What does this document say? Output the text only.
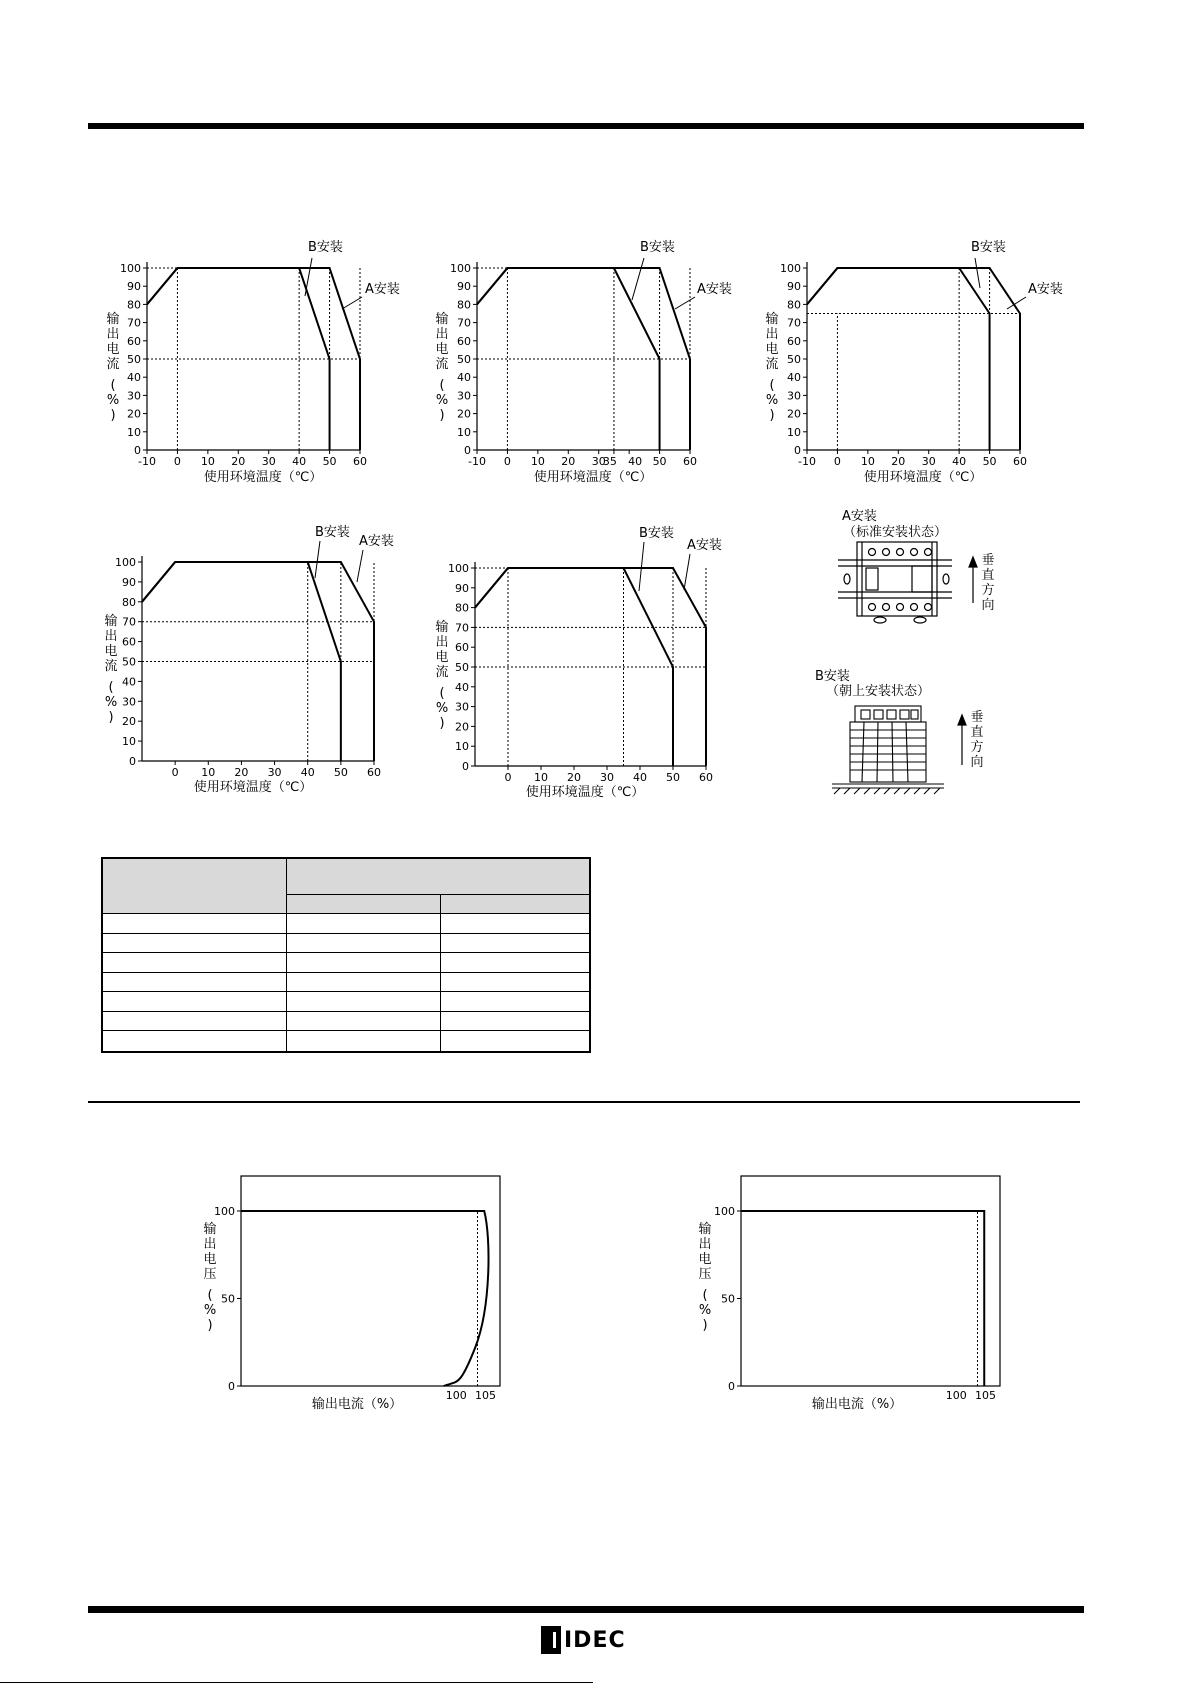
0
10
20
30
40
50
60
70
80
90
100
-10 0 10 20 30 40 50 60
使用环境温度（℃）
A安装
B安装
0
10
20
30
40
50
60
70
80
90
100
-10 0 10 20 30
35 40 50 60
使用环境温度（℃）
A安装
B安装
0
10
20
30
40
50
60
70
80
90
100
-10 0 10 20 30 40 50 60
使用环境温度（℃）
A安装
B安装
0
10
20
30
40
50
60
70
80
90
100
0 10 20 30 40 50 60
使用环境温度（℃）
A安装
B安装
0
10
20
30
40
50
60
70
80
90
100
0 10 20 30 40 50 60
使用环境温度（℃）
A安装
B安装
0
50
100
100 105
输出电流（%）
0
50
100
100 105
输出电流（%）
输
出
电
流
(
%
)
输
出
电
流
(
%
)
输
出
电
流
(
%
)
输
出
电
流
(
%
)
输
出
电
流
(
%
)
输
出
电
压
(
%
)
输
出
电
压
(
%
)
A安装
（标准安装状态）
垂
直
方
向
B安装
（朝上安装状态）
垂
直
方
向
IDEC
